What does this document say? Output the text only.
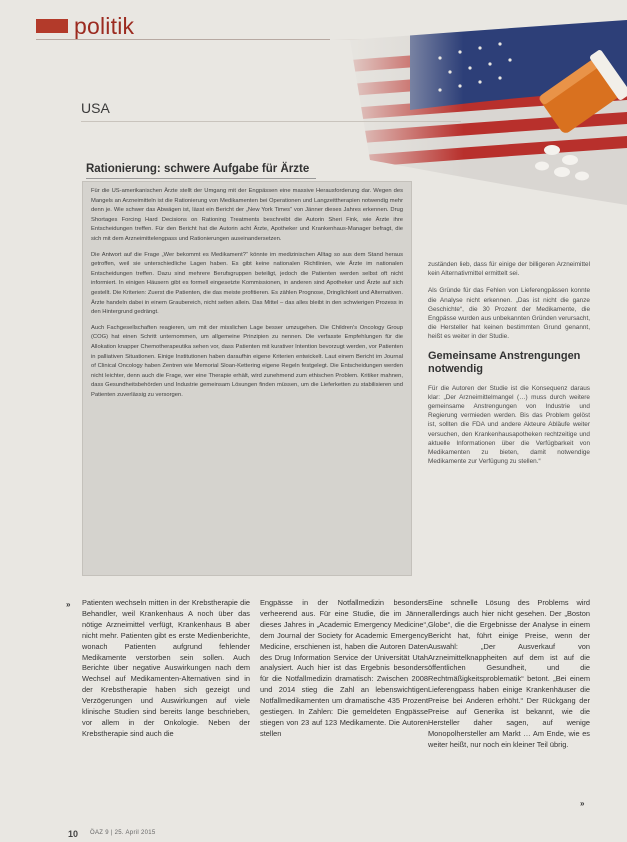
politik
USA
Rationierung: schwere Aufgabe für Ärzte

Für die US-amerikanischen Ärzte stellt der Umgang mit der Engpässen eine massive Herausforderung dar. Wegen des Mangels an Arzneimitteln ist die Rationierung von Medikamenten bei Operationen und Langzeittherapien notwendig mehr denn je. Wie schwer das Abwägen ist, lässt ein Bericht der „New York Times“ von Jänner dieses Jahres erkennen. Drug Shortages Forcing Hard Decisions on Rationing Treatments beschreibt die Autorin Sheri Fink, wie Ärzte ihre Entscheidungen treffen. Für den Bericht hat die Autorin acht Ärzte, Apotheker und Krankenhaus-Manager befragt, die sich mit dem Arzneimittelengpass und Rationierungen auseinandersetzen.

Die Antwort auf die Frage „Wer bekommt es Medikament?“ könnte im medizinischen Alltag so aus dem Stand heraus getroffen, weil sie unterschiedliche Lagen haben. Es gibt keine nationalen Richtlinien, wie Ärzte im nationalen Entscheidungen treffen. Dazu sind mehrere Berufsgruppen beteiligt, jedoch die Patienten werden selbst oft nicht informiert. In einigen Häusern gibt es formell eingesetzte Kommissionen, in anderen sind Apotheker und Ärzte auf sich gestellt. Die Kriterien: Zuerst die Patienten, die das meiste profitieren. Es zählen Prognose, Dringlichkeit und Alternativen. Ärzte handeln dabei in einem Graubereich, nicht selten allein. Das Mittel – das alles bleibt in den schwierigen Prozess in den Hintergrund gedrängt.

Auch Fachgesellschaften reagieren, um mit der misslichen Lage besser umzugehen. Die Children's Oncology Group (COG) hat einen Schritt unternommen, um allgemeine Prinzipien zu nennen. Die verfasste Empfehlungen für die Allokation knapper Chemotherapeutika sehen vor, dass Patienten mit kurativer Intention bevorzugt werden, vor Patienten in palliativen Situationen. Einige Institutionen haben daraufhin eigene Kriterien entwickelt. Laut einem Bericht im Journal of Clinical Oncology haben Zentren wie Memorial Sloan-Kettering eigene Regeln festgelegt. Die Entscheidungen werden nicht leichter, denn auch die Frage, wer eine Therapie erhält, wird zunehmend zum ethischen Problem. Kritiker mahnen, dass Gesundheitsbehörden und Industrie gemeinsam Lösungen finden müssen, um die Lieferketten zu stabilisieren und Patienten zuverlässig zu versorgen.

zuständen lieb, dass für einige der billigeren Arzneimittel kein Alternativmittel ermittelt sei.

Als Gründe für das Fehlen von Lieferengpässen konnte die Analyse nicht erkennen. „Das ist nicht die ganze Geschichte“, die 30 Prozent der Medikamente, die Engpässe wurden aus unbekannten Gründen verursacht, die Hersteller hat keinen bestimmten Grund genannt, heißt es weiter in der Studie.

Gemeinsame Anstrengungen notwendig

Für die Autoren der Studie ist die Konsequenz daraus klar: „Der Arzneimittelmangel (…) muss durch weitere gemeinsame Anstrengungen von Industrie und Regierung vermieden werden. Bis das Problem gelöst ist, sollten die FDA und andere Akteure Abläufe weiter versuchen, den Krankenhausapotheken rechtzeitige und aktuelle Informationen über die Verfügbarkeit von Medikamenten zu bieten, damit notwendige Medikamente zur Verfügung zu stellen.“

» Patienten wechseln mitten in der Krebstherapie die Behandler, weil Krankenhaus A noch über das nötige Arzneimittel verfügt, Krankenhaus B aber nicht mehr. Patienten gibt es erste Medienberichte, wonach Patienten aufgrund fehlender Medikamente verstorben sein sollen. Auch Berichte über negative Auswirkungen nach dem Wechsel auf Medikamenten-Alternativen sind in der Krebstherapie haben sich gezeigt und Verzögerungen und Auswirkungen auf viele klinische Studien sind bereits lange beschrieben, vor allem in der Onkologie. Neben der Krebstherapie sind auch die

Engpässe in der Notfallmedizin besonders verheerend aus. Für eine Studie, die im Jänner dieses Jahres in „Academic Emergency Medicine“, dem Journal der Society for Academic Emergency Medicine, erschienen ist, haben die Autoren Daten des Drug Information Service der Universität Utah analysiert. Auch hier ist das Ergebnis besonders für die Notfallmedizin dramatisch: Zwischen 2008 und 2014 stieg die Zahl an lebenswichtigen Notfallmedikamenten um dramatische 435 Prozent gestiegen. In Zahlen: Die gemeldeten Engpässe stiegen von 23 auf 123 Medikamente. Die Autoren stellen

Eine schnelle Lösung des Problems wird allerdings auch hier nicht gesehen. Der „Boston Globe“, die die Ergebnisse der Analyse in einem Bericht hat, führt einige Preise, wenn der Auswahl: „Der Ausverkauf von Arzneimittelknappheiten auf dem ist auf die öffentlichen Gesundheit, und die Rechtmäßigkeitsproblematik“ betont. „Bei einem Lieferengpass haben einige Krankenhäuser die Preise bei Anderen erhöht.“ Der Rückgang der Preise auf Generika ist bekannt, wie die Hersteller daher sagen, auf wenige Monopolhersteller am Markt … Am Ende, wie es weiter heißt, nur noch ein kleiner Teil übrig.

»
10 ÖAZ 9 | 25. April 2015
